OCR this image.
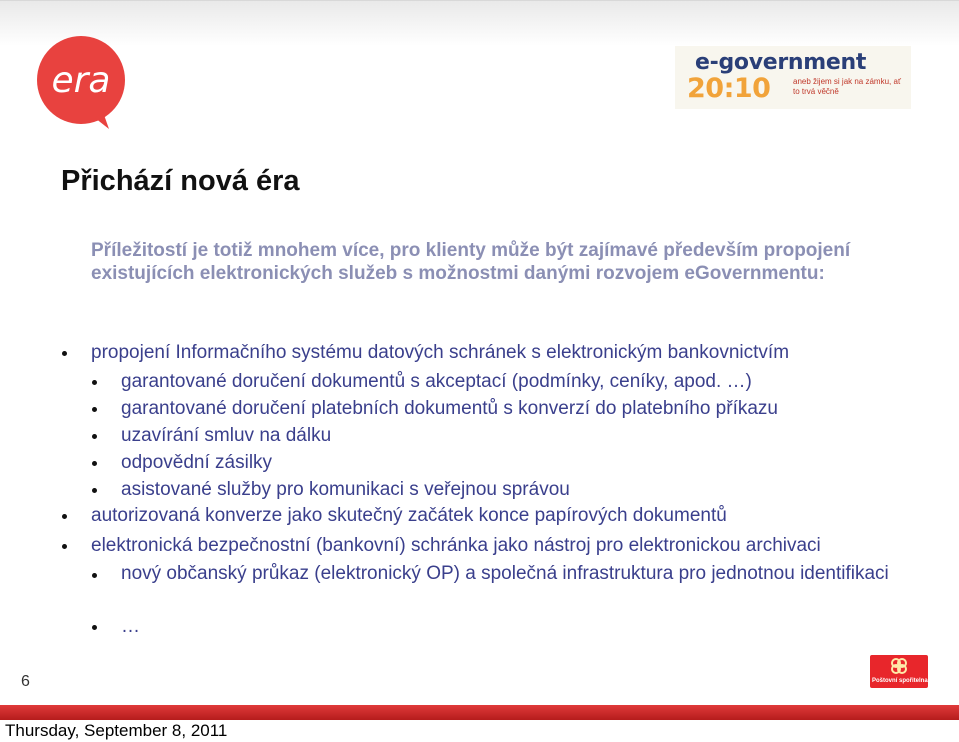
era	e-government
20:10	aneb žijem si jak na zámku, ať to trvá věčně
Přichází nová éra
Příležitostí je totiž mnohem více, pro klienty může být zajímavé především propojení existujících elektronických služeb s možnostmi danými rozvojem eGovernmentu:
propojení Informačního systému datových schránek s elektronickým bankovnictvím
garantované doručení dokumentů s akceptací (podmínky, ceníky, apod. …)
garantované doručení platebních dokumentů s konverzí do platebního příkazu
uzavírání smluv na dálku
odpovědní zásilky
asistované služby pro komunikaci s veřejnou správou
autorizovaná konverze jako skutečný začátek konce papírových dokumentů
elektronická bezpečnostní (bankovní) schránka jako nástroj pro elektronickou archivaci
nový občanský průkaz (elektronický OP) a společná infrastruktura pro jednotnou identifikaci
…
6	Poštovní spořitelna
Thursday, September 8, 2011
